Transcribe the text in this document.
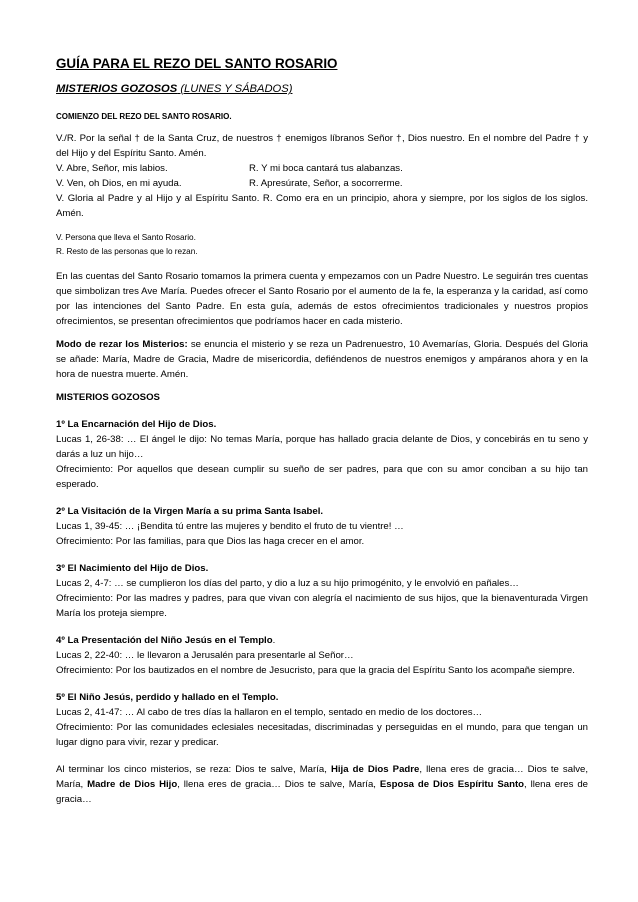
GUÍA PARA EL REZO DEL SANTO ROSARIO
MISTERIOS GOZOSOS (LUNES Y SÁBADOS)
COMIENZO DEL REZO DEL SANTO ROSARIO.

V./R. Por la señal † de la Santa Cruz, de nuestros † enemigos líbranos Señor †, Dios nuestro. En el nombre del Padre † y del Hijo y del Espíritu Santo. Amén.

V. Abre, Señor, mis labios.	R. Y mi boca cantará tus alabanzas.
V. Ven, oh Dios, en mi ayuda.	R. Apresúrate, Señor, a socorrerme.

V. Gloria al Padre y al Hijo y al Espíritu Santo. R. Como era en un principio, ahora y siempre, por los siglos de los siglos. Amén.

V. Persona que lleva el Santo Rosario.
R. Resto de las personas que lo rezan.

En las cuentas del Santo Rosario tomamos la primera cuenta y empezamos con un Padre Nuestro. Le seguirán tres cuentas que simbolizan tres Ave María. Puedes ofrecer el Santo Rosario por el aumento de la fe, la esperanza y la caridad, así como por las intenciones del Santo Padre. En esta guía, además de estos ofrecimientos tradicionales y nuestros propios ofrecimientos, se presentan ofrecimientos que podríamos hacer en cada misterio.

Modo de rezar los Misterios: se enuncia el misterio y se reza un Padrenuestro, 10 Avemarías, Gloria. Después del Gloria se añade: María, Madre de Gracia, Madre de misericordia, defiéndenos de nuestros enemigos y ampáranos ahora y en la hora de nuestra muerte. Amén.

MISTERIOS GOZOSOS
1º La Encarnación del Hijo de Dios.

Lucas 1, 26-38: … El ángel le dijo: No temas María, porque has hallado gracia delante de Dios, y concebirás en tu seno y darás a luz un hijo…

Ofrecimiento: Por aquellos que desean cumplir su sueño de ser padres, para que con su amor conciban a su hijo tan esperado.

2º La Visitación de la Virgen María a su prima Santa Isabel.

Lucas 1, 39-45: … ¡Bendita tú entre las mujeres y bendito el fruto de tu vientre! …

Ofrecimiento: Por las familias, para que Dios las haga crecer en el amor.

3º El Nacimiento del Hijo de Dios.

Lucas 2, 4-7: … se cumplieron los días del parto, y dio a luz a su hijo primogénito, y le envolvió en pañales…

Ofrecimiento: Por las madres y padres, para que vivan con alegría el nacimiento de sus hijos, que la bienaventurada Virgen María los proteja siempre.

4º La Presentación del Niño Jesús en el Templo.

Lucas 2, 22-40: … le llevaron a Jerusalén para presentarle al Señor…

Ofrecimiento: Por los bautizados en el nombre de Jesucristo, para que la gracia del Espíritu Santo los acompañe siempre.

5º El Niño Jesús, perdido y hallado en el Templo.

Lucas 2, 41-47: … Al cabo de tres días la hallaron en el templo, sentado en medio de los doctores…

Ofrecimiento: Por las comunidades eclesiales necesitadas, discriminadas y perseguidas en el mundo, para que tengan un lugar digno para vivir, rezar y predicar.

Al terminar los cinco misterios, se reza: Dios te salve, María, Hija de Dios Padre, llena eres de gracia… Dios te salve, María, Madre de Dios Hijo, llena eres de gracia… Dios te salve, María, Esposa de Dios Espíritu Santo, llena eres de gracia…
